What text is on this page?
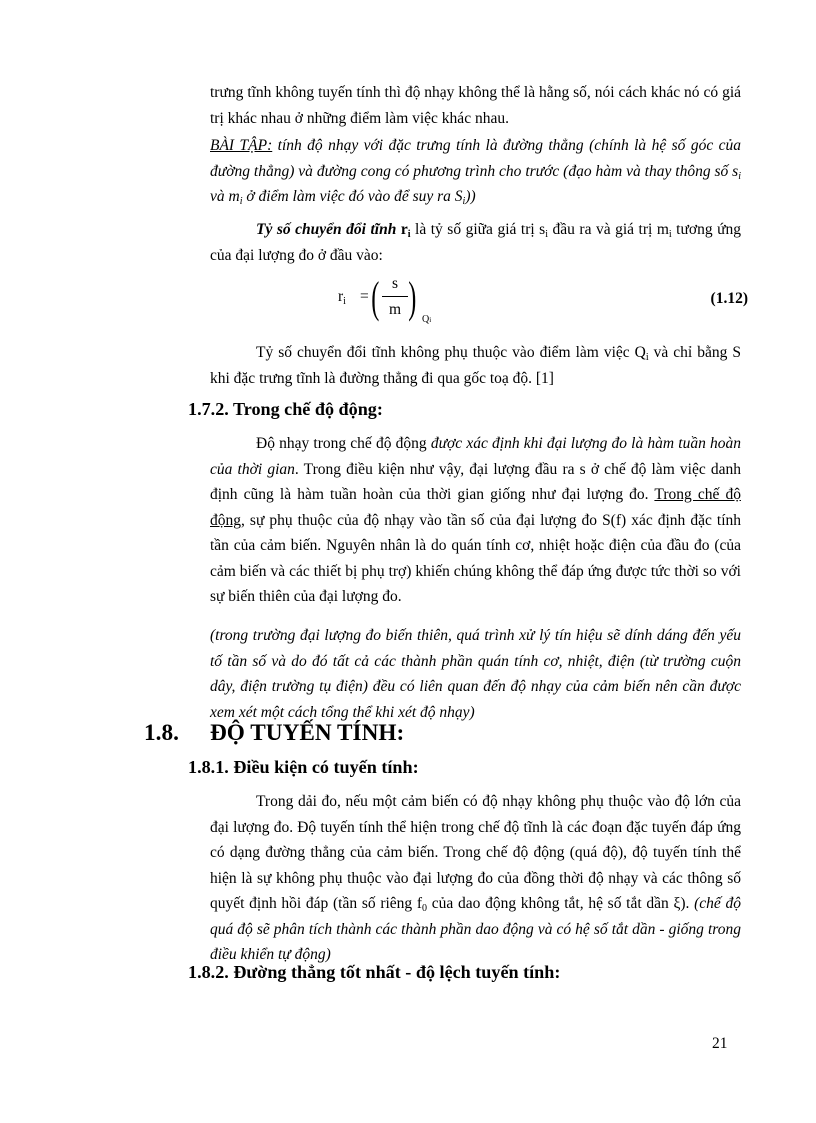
trưng tĩnh không tuyến tính thì độ nhạy không thể là hằng số, nói cách khác nó có giá trị khác nhau ở những điểm làm việc khác nhau.

BÀI TẬP: tính độ nhạy với đặc trưng tính là đường thẳng (chính là hệ số góc của đường thẳng) và đường cong có phương trình cho trước (đạo hàm và thay thông số $s_i$ và $m_i$ ở điểm làm việc đó vào để suy ra $S_i$))

Tỷ số chuyển đổi tĩnh $r_i$ là tỷ số giữa giá trị $s_i$ đầu ra và giá trị $m_i$ tương ứng của đại lượng đo ở đầu vào:

$r_i$ = ( s
m ) Qi
(1.12)

Tỷ số chuyển đổi tĩnh không phụ thuộc vào điểm làm việc $Q_i$ và chỉ bằng S khi đặc trưng tĩnh là đường thẳng đi qua gốc toạ độ. [1]

1.7.2. Trong chế độ động:

Độ nhạy trong chế độ động được xác định khi đại lượng đo là hàm tuần hoàn của thời gian. Trong điều kiện như vậy, đại lượng đầu ra s ở chế độ làm việc danh định cũng là hàm tuần hoàn của thời gian giống như đại lượng đo. Trong chế độ động, sự phụ thuộc của độ nhạy vào tần số của đại lượng đo S(f) xác định đặc tính tần của cảm biến. Nguyên nhân là do quán tính cơ, nhiệt hoặc điện của đầu đo (của cảm biến và các thiết bị phụ trợ) khiến chúng không thể đáp ứng được tức thời so với sự biến thiên của đại lượng đo.

(trong trường đại lượng đo biến thiên, quá trình xử lý tín hiệu sẽ dính dáng đến yếu tố tần số và do đó tất cả các thành phần quán tính cơ, nhiệt, điện (từ trường cuộn dây, điện trường tụ điện) đều có liên quan đến độ nhạy của cảm biến nên cần được xem xét một cách tổng thể khi xét độ nhạy)

1.8. ĐỘ TUYẾN TÍNH:
1.8.1. Điều kiện có tuyến tính:

Trong dải đo, nếu một cảm biến có độ nhạy không phụ thuộc vào độ lớn của đại lượng đo. Độ tuyến tính thể hiện trong chế độ tĩnh là các đoạn đặc tuyến đáp ứng có dạng đường thẳng của cảm biến. Trong chế độ động (quá độ), độ tuyến tính thể hiện là sự không phụ thuộc vào đại lượng đo của đồng thời độ nhạy và các thông số quyết định hồi đáp (tần số riêng $f_0$ của dao động không tắt, hệ số tắt dần ξ). (chế độ quá độ sẽ phân tích thành các thành phần dao động và có hệ số tắt dần - giống trong điều khiển tự động)

1.8.2. Đường thẳng tốt nhất - độ lệch tuyến tính:
21
